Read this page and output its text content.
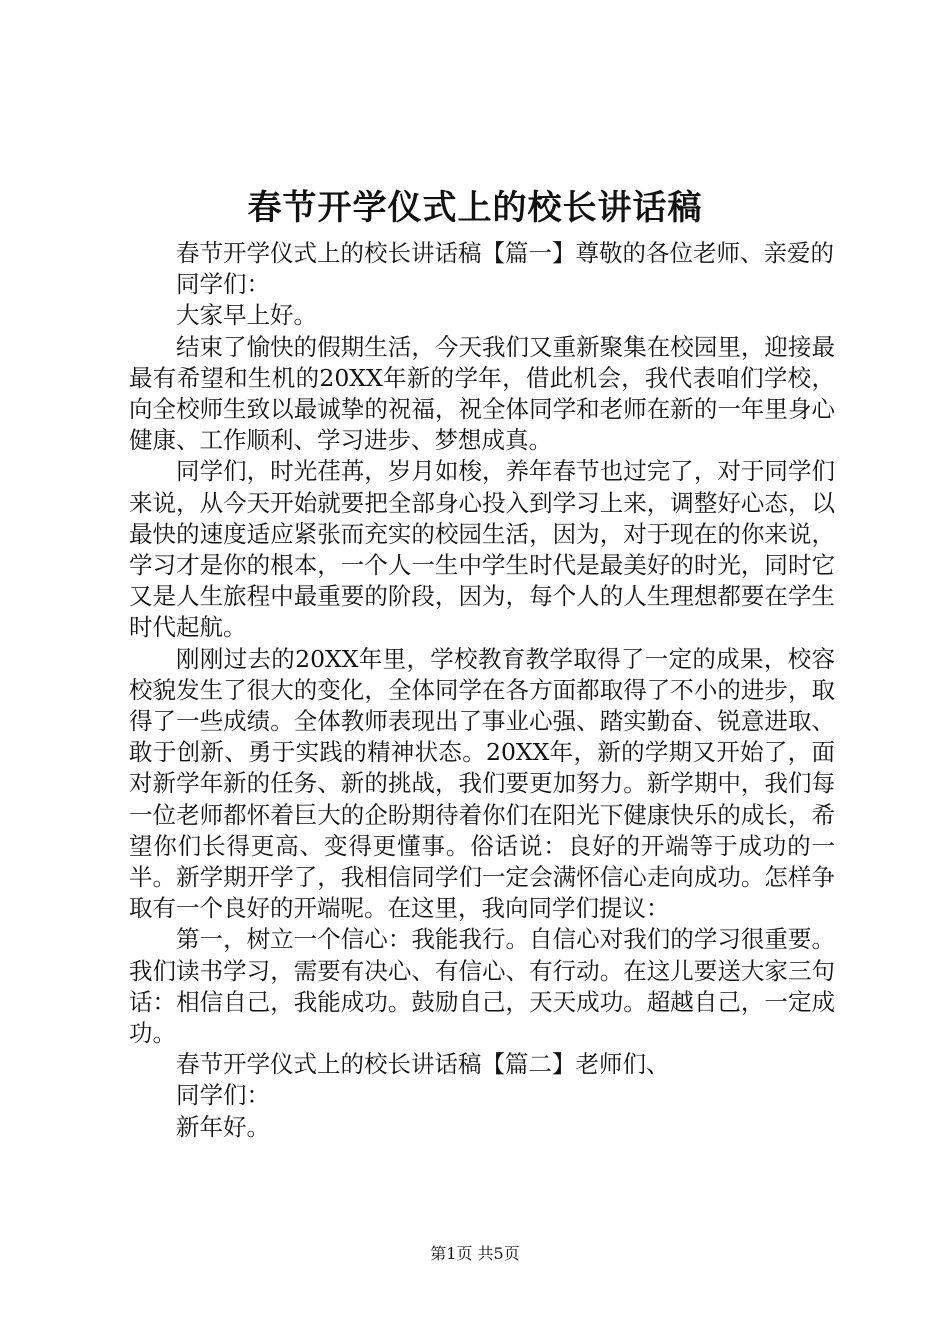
春节开学仪式上的校长讲话稿

春节开学仪式上的校长讲话稿【篇一】尊敬的各位老师、亲爱的

同学们：

大家早上好。

结束了愉快的假期生活，今天我们又重新聚集在校园里，迎接最最有希望和生机的20XX年新的学年，借此机会，我代表咱们学校，向全校师生致以最诚挚的祝福，祝全体同学和老师在新的一年里身心健康、工作顺利、学习进步、梦想成真。

同学们，时光荏苒，岁月如梭，养年春节也过完了，对于同学们来说，从今天开始就要把全部身心投入到学习上来，调整好心态，以最快的速度适应紧张而充实的校园生活，因为，对于现在的你来说，学习才是你的根本，一个人一生中学生时代是最美好的时光，同时它又是人生旅程中最重要的阶段，因为，每个人的人生理想都要在学生时代起航。

刚刚过去的20XX年里，学校教育教学取得了一定的成果，校容校貌发生了很大的变化，全体同学在各方面都取得了不小的进步，取得了一些成绩。全体教师表现出了事业心强、踏实勤奋、锐意进取、敢于创新、勇于实践的精神状态。20XX年，新的学期又开始了，面对新学年新的任务、新的挑战，我们要更加努力。新学期中，我们每一位老师都怀着巨大的企盼期待着你们在阳光下健康快乐的成长，希望你们长得更高、变得更懂事。俗话说：良好的开端等于成功的一半。新学期开学了，我相信同学们一定会满怀信心走向成功。怎样争取有一个良好的开端呢。在这里，我向同学们提议：

第一，树立一个信心：我能我行。自信心对我们的学习很重要。我们读书学习，需要有决心、有信心、有行动。在这儿要送大家三句话：相信自己，我能成功。鼓励自己，天天成功。超越自己，一定成功。

春节开学仪式上的校长讲话稿【篇二】老师们、

同学们：

新年好。

第1页 共5页
